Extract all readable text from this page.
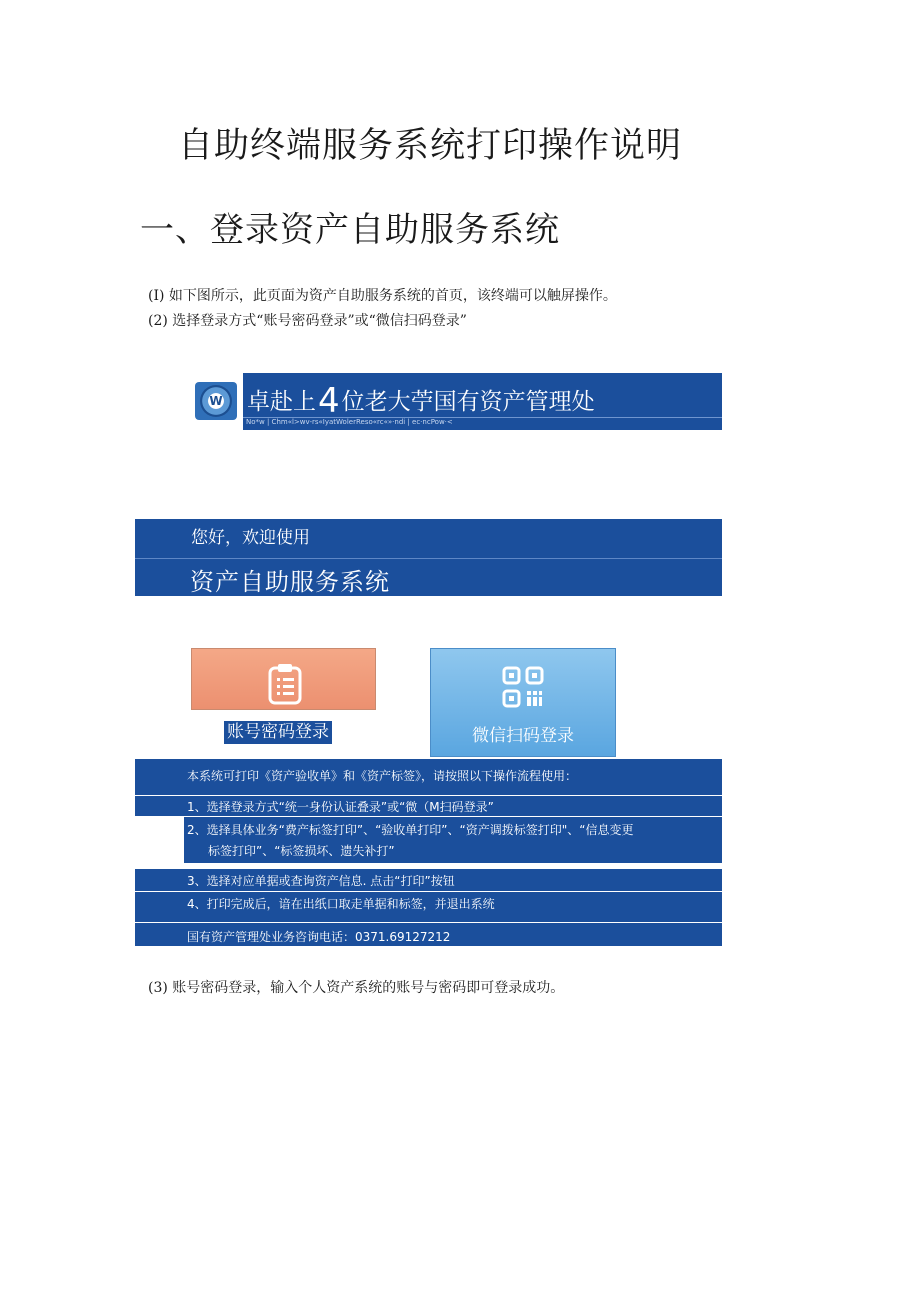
自助终端服务系统打印操作说明
一、登录资产自助服务系统
(I) 如下图所示，此页面为资产自助服务系统的首页，该终端可以触屏操作。
(2) 选择登录方式“账号密码登录”或“微信扫码登录”
W	卓赴上4位老大苧国有资产管理处
No*w | Chm«l>wv-rs«IyatWolerReso«rc«»·ndi | ec·ncPow·<
您好，欢迎使用
资产自助服务系统
账号密码登录	微信扫码登录
本系统可打印《资产验收单》和《资产标签》，请按照以下操作流程使用：
1、选择登录方式“统一身份认证叠录”或“微（M扫码登录”
2、选择具体业务“费产标签打印”、“验收单打印”、“资产调拨标签打印"、“信息变更
标签打印”、“标签损坏、遗失补打”
3、选择对应单据或查询资产信息. 点击“打印”按钮
4、打印完成后，谙在出纸口取走单据和标签，并退出系统
国有资产管理处业务咨询电话：0371.69127212
(3) 账号密码登录，输入个人资产系统的账号与密码即可登录成功。
